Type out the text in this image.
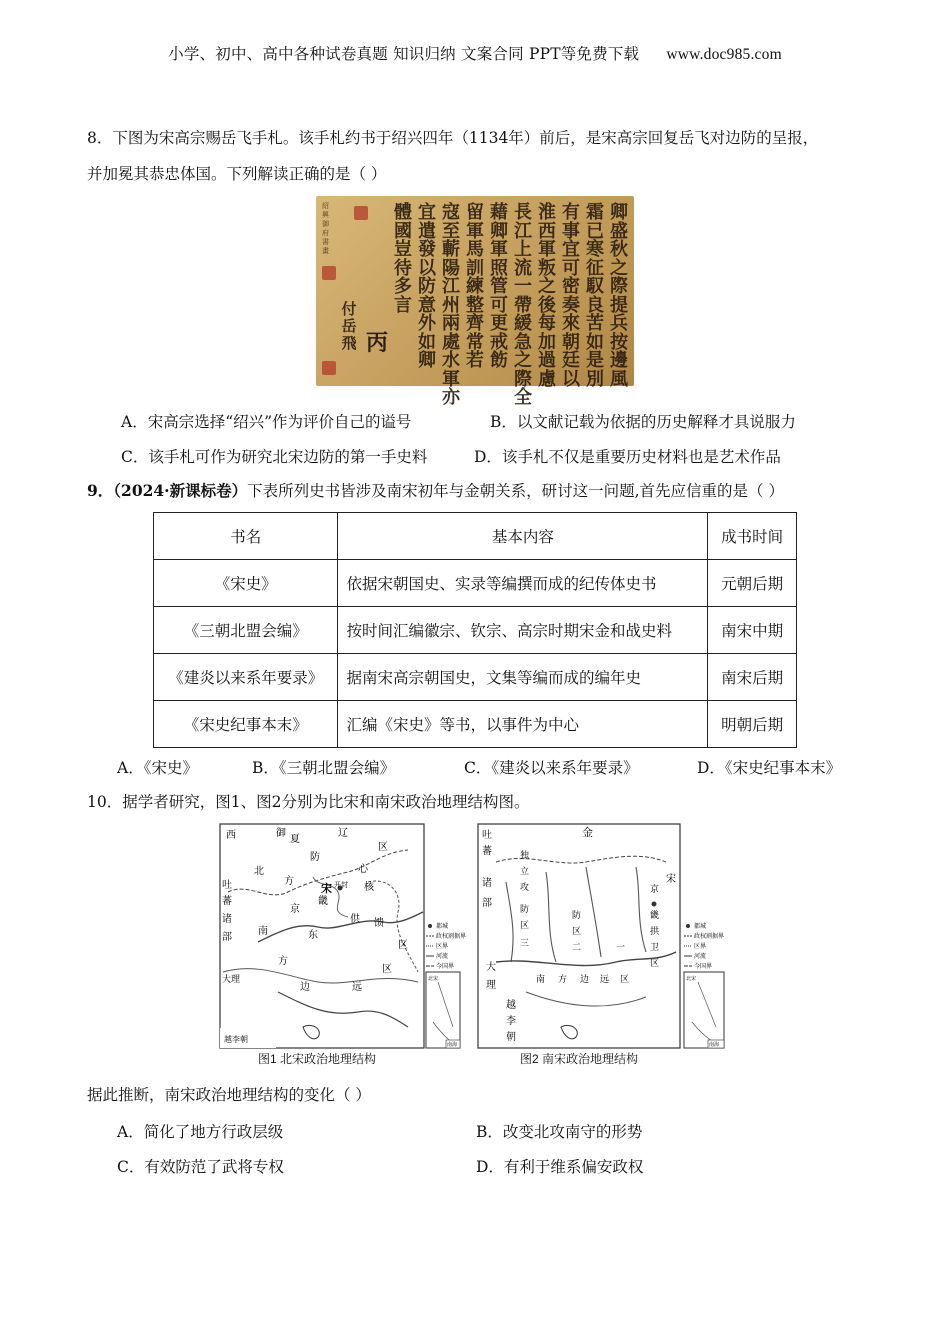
小学、初中、高中各种试卷真题 知识归纳 文案合同 PPT等免费下载 www.doc985.com
8．下图为宋高宗赐岳飞手札。该手札约书于绍兴四年（1134年）前后，是宋高宗回复岳飞对边防的呈报，
并加冕其恭忠体国。下列解读正确的是（ ）
紹興御府書畫
付岳飛 丙
卿盛秋之際提兵按邊風
霜已寒征馭良苦如是別
有事宜可密奏來朝廷以
淮西軍叛之後每加過慮
長江上流一帶緩急之際全
藉卿軍照管可更戒飭
留軍馬訓練整齊常若
寇至蘄陽江州兩處水軍亦
宜遣發以防意外如卿
體國豈待多言
A．宋高宗选择“绍兴”作为评价自己的谥号	B．以文献记载为依据的历史解释才具说服力
C．该手札可作为研究北宋边防的第一手史料	D．该手札不仅是重要历史材料也是艺术作品
9．（2024·新课标卷）下表所列史书皆涉及南宋初年与金朝关系，研讨这一问题,首先应信重的是（ ）
书名	基本内容	成书时间
《宋史》	依据宋朝国史、实录等编撰而成的纪传体史书	元朝后期
《三朝北盟会编》	按时间汇编徽宗、钦宗、高宗时期宋金和战史料	南宋中期
《建炎以来系年要录》	据南宋高宗朝国史，文集等编而成的编年史	南宋后期
《宋史纪事本末》	汇编《宋史》等书，以事件为中心	明朝后期
A．《宋史》	B．《三朝北盟会编》	C．《建炎以来系年要录》	D．《宋史纪事本末》
10．据学者研究，图1、图2分别为比宋和南宋政治地理结构图。
西	夏
辽
御
防
区
北
方
心
宋 开封 核
吐
蕃
京
畿
诸
部
南
供 馈
东
方
区
大理
边	远
区
越李朝
都城
政权割据界
区界
河流
今国界
北宋
南海
图1 北宋政治地理结构
吐
蕃
诸
部
金
独
立
攻
防
区
三
防
区
二	一
宋
京
畿
拱
卫
区
大
理	南 方 边 远 区
越
李
朝
都城
政权割据界
区界
河流
今国界
北宋
南海
图2 南宋政治地理结构
据此推断，南宋政治地理结构的变化（ ）
A．简化了地方行政层级	B．改变北攻南守的形势
C．有效防范了武将专权	D．有利于维系偏安政权
